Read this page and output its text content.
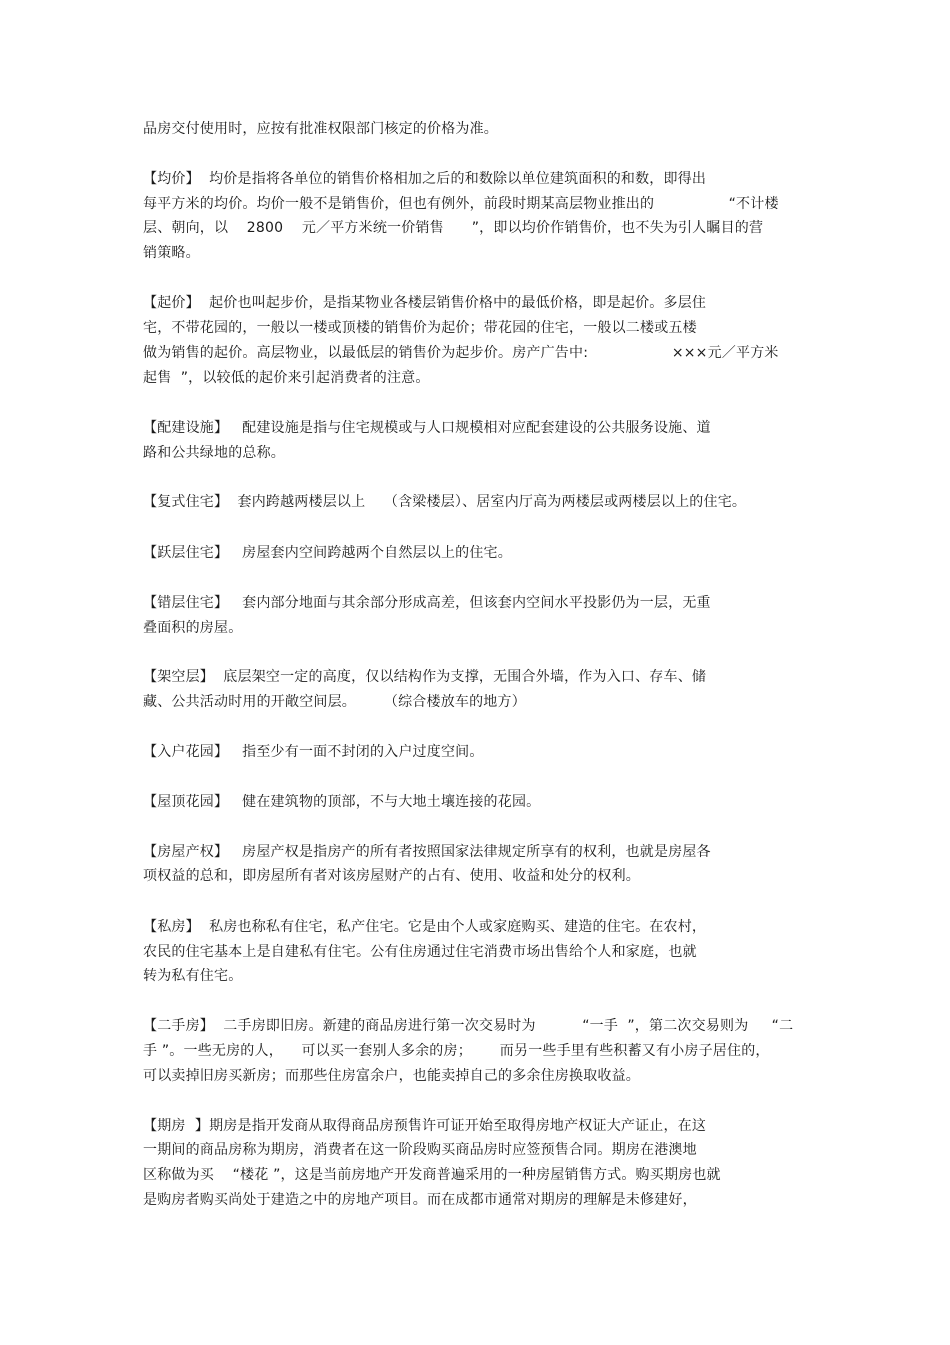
品房交付使用时，应按有批准权限部门核定的价格为准。
【均价】  均价是指将各单位的销售价格相加之后的和数除以单位建筑面积的和数，即得出
每平方米的均价。均价一般不是销售价，但也有例外，前段时期某高层物业推出的                “不计楼
层、朝向，以    2800    元／平方米统一价销售      ”，即以均价作销售价，也不失为引人瞩目的营
销策略。
【起价】  起价也叫起步价，是指某物业各楼层销售价格中的最低价格，即是起价。多层住
宅，不带花园的，一般以一楼或顶楼的销售价为起价；带花园的住宅，一般以二楼或五楼
做为销售的起价。高层物业，以最低层的销售价为起步价。房产广告中:                  ×××元／平方米
起售  ”，以较低的起价来引起消费者的注意。
【配建设施】   配建设施是指与住宅规模或与人口规模相对应配套建设的公共服务设施、道
路和公共绿地的总称。
【复式住宅】  套内跨越两楼层以上    （含梁楼层）、居室内厅高为两楼层或两楼层以上的住宅。
【跃层住宅】   房屋套内空间跨越两个自然层以上的住宅。
【错层住宅】   套内部分地面与其余部分形成高差，但该套内空间水平投影仍为一层，无重
叠面积的房屋。
【架空层】  底层架空一定的高度，仅以结构作为支撑，无围合外墙，作为入口、存车、储
藏、公共活动时用的开敞空间层。      （综合楼放车的地方）
【入户花园】   指至少有一面不封闭的入户过度空间。
【屋顶花园】   健在建筑物的顶部，不与大地土壤连接的花园。
【房屋产权】   房屋产权是指房产的所有者按照国家法律规定所享有的权利，也就是房屋各
项权益的总和，即房屋所有者对该房屋财产的占有、使用、收益和处分的权利。
【私房】  私房也称私有住宅，私产住宅。它是由个人或家庭购买、建造的住宅。在农村，
农民的住宅基本上是自建私有住宅。公有住房通过住宅消费市场出售给个人和家庭，也就
转为私有住宅。
【二手房】  二手房即旧房。新建的商品房进行第一次交易时为          “一手  ”，第二次交易则为     “二
手 ”。一些无房的人，    可以买一套别人多余的房；      而另一些手里有些积蓄又有小房子居住的，
可以卖掉旧房买新房；而那些住房富余户，也能卖掉自己的多余住房换取收益。
【期房  】期房是指开发商从取得商品房预售许可证开始至取得房地产权证大产证止，在这
一期间的商品房称为期房，消费者在这一阶段购买商品房时应签预售合同。期房在港澳地
区称做为买    “楼花 ”，这是当前房地产开发商普遍采用的一种房屋销售方式。购买期房也就
是购房者购买尚处于建造之中的房地产项目。而在成都市通常对期房的理解是未修建好，
